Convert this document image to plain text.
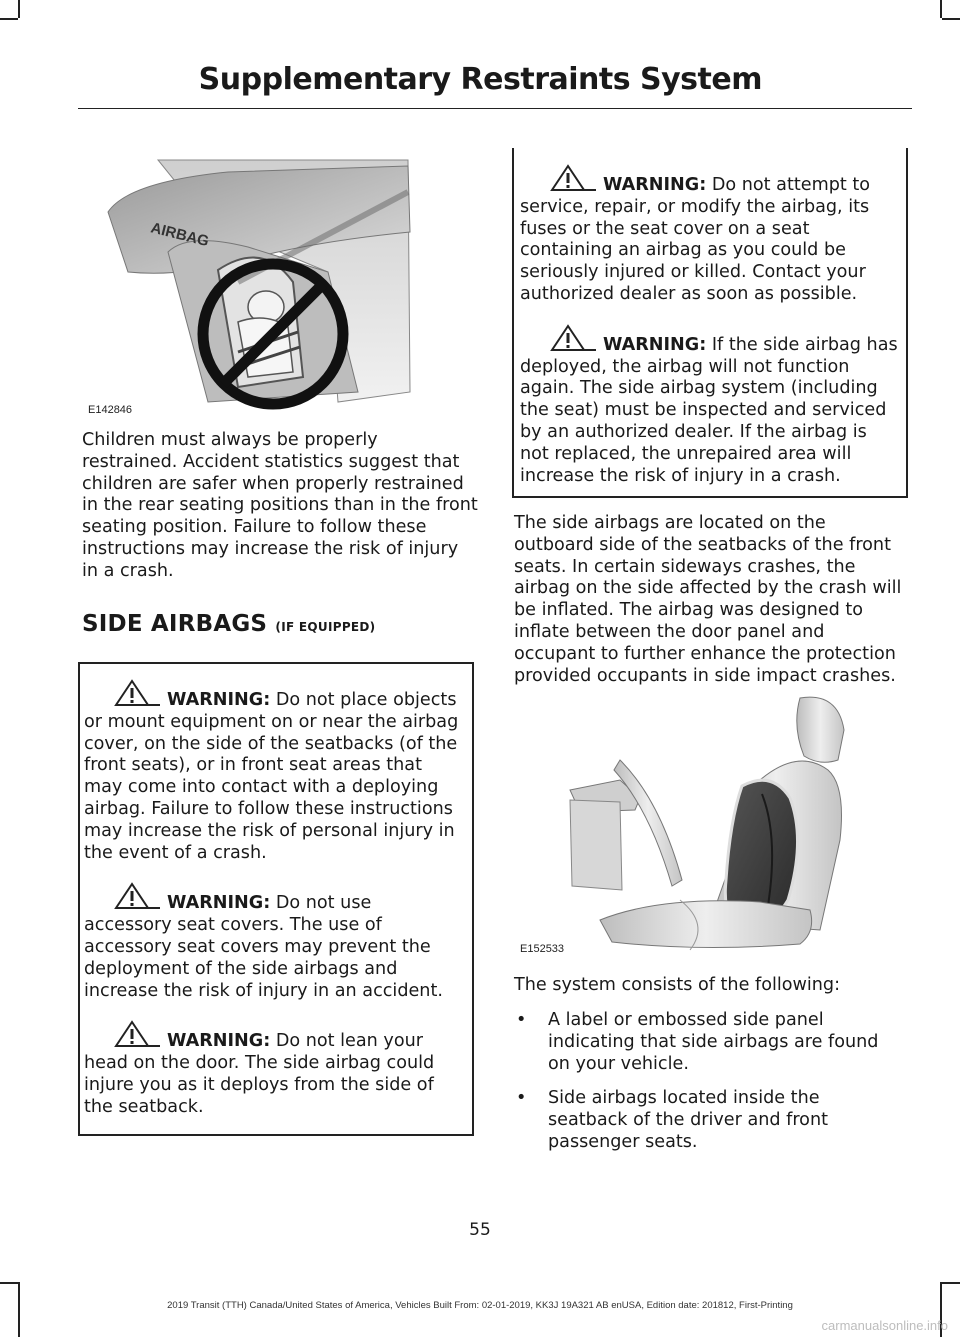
Supplementary Restraints System
AIRBAG
E142846

Children must always be properly restrained. Accident statistics suggest that children are safer when properly restrained in the rear seating positions than in the front seating position. Failure to follow these instructions may increase the risk of injury in a crash.

SIDE AIRBAGS (IF EQUIPPED)

WARNING: Do not place objects or mount equipment on or near the airbag cover, on the side of the seatbacks (of the front seats), or in front seat areas that may come into contact with a deploying airbag. Failure to follow these instructions may increase the risk of personal injury in the event of a crash.

WARNING: Do not use accessory seat covers. The use of accessory seat covers may prevent the deployment of the side airbags and increase the risk of injury in an accident.

WARNING: Do not lean your head on the door. The side airbag could injure you as it deploys from the side of the seatback.

WARNING: Do not attempt to service, repair, or modify the airbag, its fuses or the seat cover on a seat containing an airbag as you could be seriously injured or killed. Contact your authorized dealer as soon as possible.

WARNING: If the side airbag has deployed, the airbag will not function again. The side airbag system (including the seat) must be inspected and serviced by an authorized dealer. If the airbag is not replaced, the unrepaired area will increase the risk of injury in a crash.

The side airbags are located on the outboard side of the seatbacks of the front seats. In certain sideways crashes, the airbag on the side affected by the crash will be inflated. The airbag was designed to inflate between the door panel and occupant to further enhance the protection provided occupants in side impact crashes.

E152533

The system consists of the following:

• A label or embossed side panel indicating that side airbags are found on your vehicle.
• Side airbags located inside the seatback of the driver and front passenger seats.
55
2019 Transit (TTH) Canada/United States of America, Vehicles Built From: 02-01-2019, KK3J 19A321 AB enUSA, Edition date: 201812, First-Printing
carmanualsonline.info
